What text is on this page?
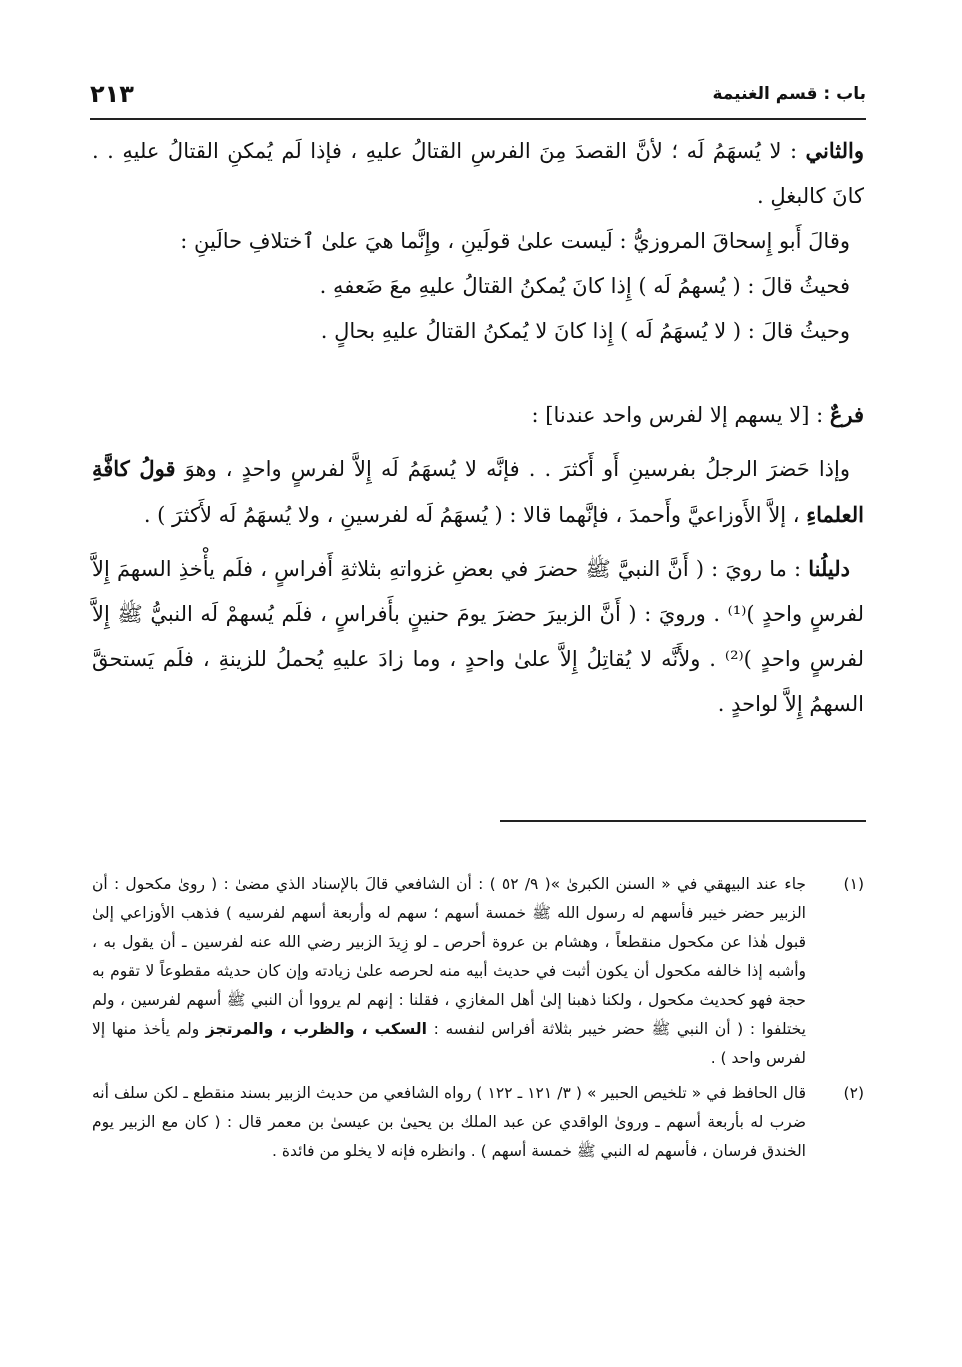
باب : قسم الغنيمة
٢١٣

والثاني : لا يُسهَمُ لَه ؛ لأنَّ القصدَ مِنَ الفرسِ القتالُ عليهِ ، فإذا لَم يُمكنِ القتالُ عليهِ . . كانَ كالبغلِ .

وقالَ أَبو إِسحاقَ المروزيُّ : لَيست علىٰ قولَينِ ، وإِنَّما هيَ علىٰ ٱختلافِ حالَينِ :

فحيثُ قالَ : ( يُسهمُ لَه ) إِذا كانَ يُمكنُ القتالُ عليهِ معَ ضَعفهِ .

وحيثُ قالَ : ( لا يُسهَمُ لَه ) إِذا كانَ لا يُمكنُ القتالُ عليهِ بحالٍ .

فرعٌ : [لا يسهم إلا لفرس واحد عندنا] :

وإذا حَضرَ الرجلُ بفرسينِ أَو أَكثرَ . . فإنَّه لا يُسهَمُ لَه إِلاَّ لفرسٍ واحدٍ ، وهوَ قولُ كافَّةِ العلماءِ ، إلاَّ الأَوزاعيَّ وأَحمدَ ، فإنَّهما قالا : ( يُسهَمُ لَه لفرسينِ ، ولا يُسهَمُ لَه لأَكثرَ ) .

دليلُنا : ما رويَ : ( أَنَّ النبيَّ ﷺ حضرَ في بعضِ غزواتهِ بثلاثةِ أَفراسٍ ، فلَم يأْخذِ السهمَ إِلاَّ لفرسٍ واحدٍ )⁽¹⁾ . ورويَ : ( أَنَّ الزبيرَ حضرَ يومَ حنينٍ بأَفراسٍ ، فلَم يُسهمْ لَه النبيُّ ﷺ إِلاَّ لفرسٍ واحدٍ )⁽²⁾ . ولأَنَّه لا يُقاتِلُ إِلاَّ علىٰ واحدٍ ، وما زادَ عليهِ يُحملُ للزينةِ ، فلَم يَستحقَّ السهمُ إِلاَّ لواحدٍ .

(١)
جاء عند البيهقي في « السنن الكبرىٰ »( ٩/ ٥٢ ) : أن الشافعي قالَ بالإسناد الذي مضىٰ : ( روىٰ مكحول : أن الزبير حضر خيبر فأسهم له رسول الله ﷺ خمسة أسهم ؛ سهم له وأربعة أسهم لفرسيه ) فذهب الأوزاعي إلىٰ قبول هٰذا عن مكحول منقطعاً ، وهشام بن عروة أحرص ـ لو زِيدَ الزبير رضي الله عنه لفرسين ـ أن يقول به ، وأشبه إذا خالفه مكحول أن يكون أثبت في حديث أبيه منه لحرصه علىٰ زيادته وإن كان حديثه مقطوعاً لا تقوم به حجة فهو كحديث مكحول ، ولكنا ذهبنا إلىٰ أهل المغازي ، فقلنا : إنهم لم يرووا أن النبي ﷺ أسهم لفرسين ، ولم يختلفوا : ( أن النبي ﷺ حضر خيبر بثلاثة أفراس لنفسه : السكب ، والظرب ، والمرتجز ولم يأخذ منها إلا لفرس واحد ) .
(٢)
قال الحافظ في « تلخيص الحبير » ( ٣/ ١٢١ ـ ١٢٢ ) رواه الشافعي من حديث الزبير بسند منقطع ـ لكن سلف أنه ضرب له بأربعة أسهم ـ وروىٰ الواقدي عن عبد الملك بن يحيىٰ بن عيسىٰ بن معمر قال : ( كان مع الزبير يوم الخندق فرسان ، فأسهم له النبي ﷺ خمسة أسهم ) . وانظره فإنه لا يخلو من فائدة .
